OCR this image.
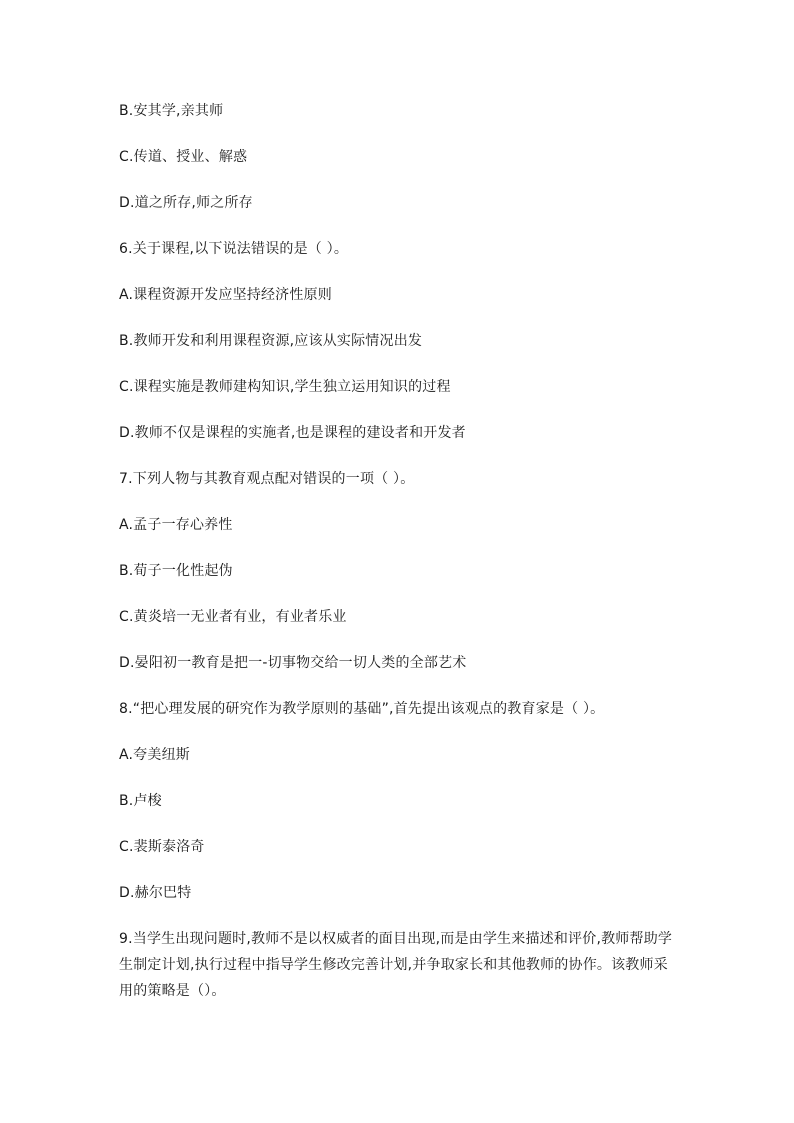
B.安其学,亲其师
C.传道、授业、解惑
D.道之所存,师之所存
6.关于课程,以下说法错误的是（ ）。
A.课程资源开发应坚持经济性原则
B.教师开发和利用课程资源,应该从实际情况出发
C.课程实施是教师建构知识,学生独立运用知识的过程
D.教师不仅是课程的实施者,也是课程的建设者和开发者
7.下列人物与其教育观点配对错误的一项（ ）。
A.孟子一存心养性
B.荀子一化性起伪
C.黄炎培一无业者有业，有业者乐业
D.晏阳初一教育是把一-切事物交给一切人类的全部艺术
8.“把心理发展的研究作为教学原则的基础”,首先提出该观点的教育家是（ ）。
A.夸美纽斯
B.卢梭
C.裴斯泰洛奇
D.赫尔巴特
9.当学生出现问题时,教师不是以权威者的面目出现,而是由学生来描述和评价,教师帮助学
生制定计划,执行过程中指导学生修改完善计划,并争取家长和其他教师的协作。该教师采
用的策略是（）。
